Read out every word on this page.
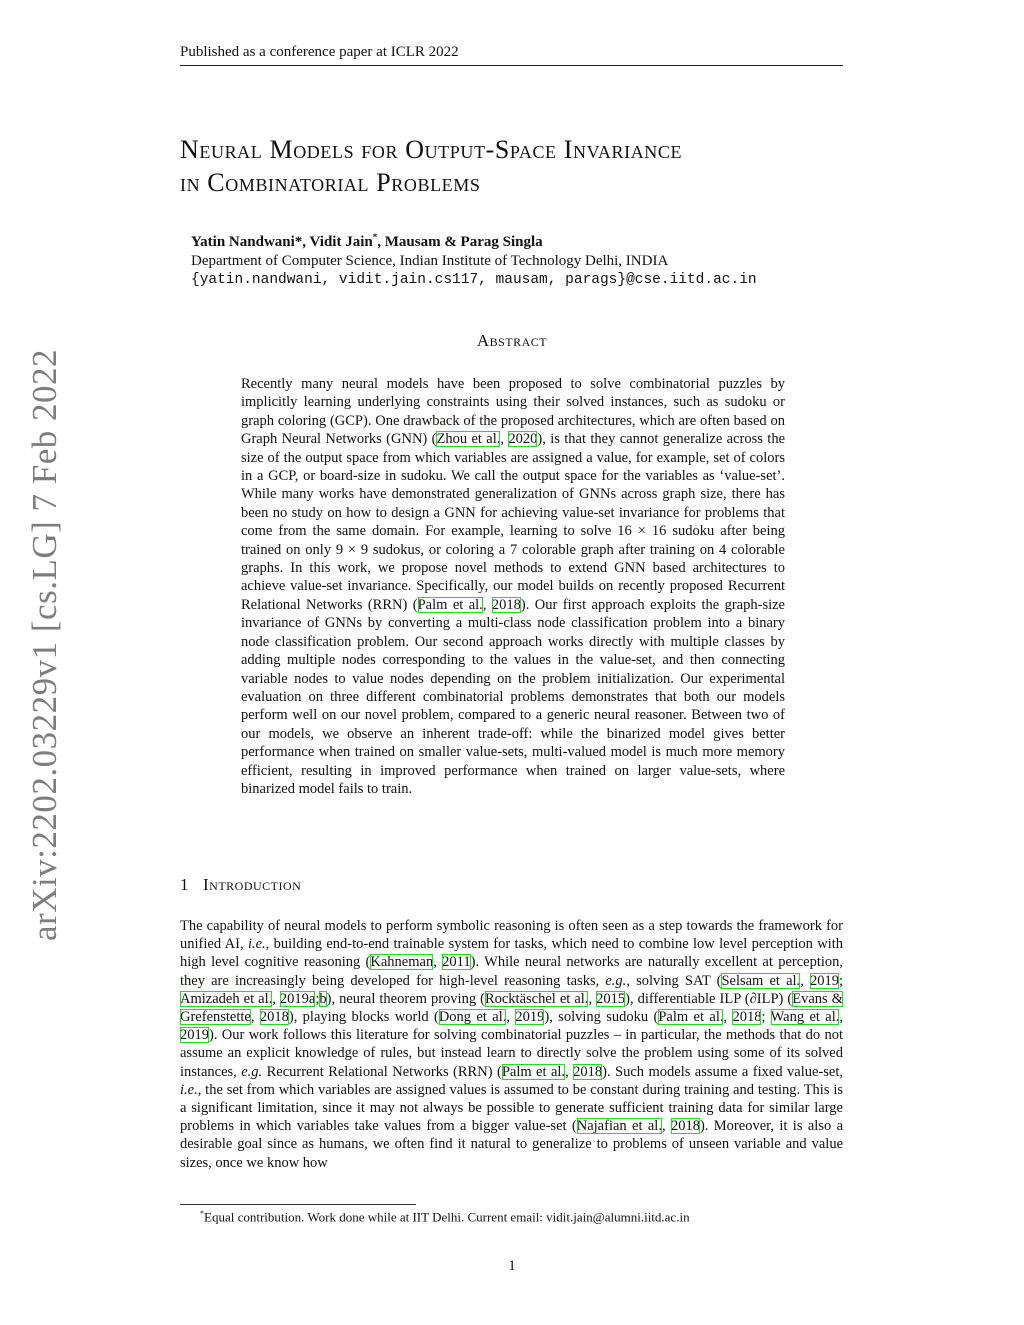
Published as a conference paper at ICLR 2022
Neural Models for Output-Space Invariance
in Combinatorial Problems
Yatin Nandwani*, Vidit Jain*, Mausam & Parag Singla
Department of Computer Science, Indian Institute of Technology Delhi, INDIA
{yatin.nandwani, vidit.jain.cs117, mausam, parags}@cse.iitd.ac.in
Abstract
Recently many neural models have been proposed to solve combinatorial puzzles by implicitly learning underlying constraints using their solved instances, such as sudoku or graph coloring (GCP). One drawback of the proposed architectures, which are often based on Graph Neural Networks (GNN) (Zhou et al., 2020), is that they cannot generalize across the size of the output space from which variables are assigned a value, for example, set of colors in a GCP, or board-size in sudoku. We call the output space for the variables as ‘value-set’. While many works have demonstrated generalization of GNNs across graph size, there has been no study on how to design a GNN for achieving value-set invariance for problems that come from the same domain. For example, learning to solve 16 × 16 sudoku after being trained on only 9 × 9 sudokus, or coloring a 7 colorable graph after training on 4 colorable graphs. In this work, we propose novel methods to extend GNN based architectures to achieve value-set invariance. Specifically, our model builds on recently proposed Recurrent Relational Networks (RRN) (Palm et al., 2018). Our first approach exploits the graph-size invariance of GNNs by converting a multi-class node classification problem into a binary node classification problem. Our second approach works directly with multiple classes by adding multiple nodes corresponding to the values in the value-set, and then connecting variable nodes to value nodes depending on the problem initialization. Our experimental evaluation on three different combinatorial problems demonstrates that both our models perform well on our novel problem, compared to a generic neural reasoner. Between two of our models, we observe an inherent trade-off: while the binarized model gives better performance when trained on smaller value-sets, multi-valued model is much more memory efficient, resulting in improved performance when trained on larger value-sets, where binarized model fails to train.
1 Introduction
The capability of neural models to perform symbolic reasoning is often seen as a step towards the framework for unified AI, i.e., building end-to-end trainable system for tasks, which need to combine low level perception with high level cognitive reasoning (Kahneman, 2011). While neural networks are naturally excellent at perception, they are increasingly being developed for high-level reasoning tasks, e.g., solving SAT (Selsam et al., 2019; Amizadeh et al., 2019a;b), neural theorem proving (Rocktäschel et al., 2015), differentiable ILP (∂ILP) (Evans & Grefenstette, 2018), playing blocks world (Dong et al., 2019), solving sudoku (Palm et al., 2018; Wang et al., 2019). Our work follows this literature for solving combinatorial puzzles – in particular, the methods that do not assume an explicit knowledge of rules, but instead learn to directly solve the problem using some of its solved instances, e.g. Recurrent Relational Networks (RRN) (Palm et al., 2018). Such models assume a fixed value-set, i.e., the set from which variables are assigned values is assumed to be constant during training and testing. This is a significant limitation, since it may not always be possible to generate sufficient training data for similar large problems in which variables take values from a bigger value-set (Najafian et al., 2018). Moreover, it is also a desirable goal since as humans, we often find it natural to generalize to problems of unseen variable and value sizes, once we know how
*Equal contribution. Work done while at IIT Delhi. Current email: vidit.jain@alumni.iitd.ac.in
1
arXiv:2202.03229v1 [cs.LG] 7 Feb 2022
